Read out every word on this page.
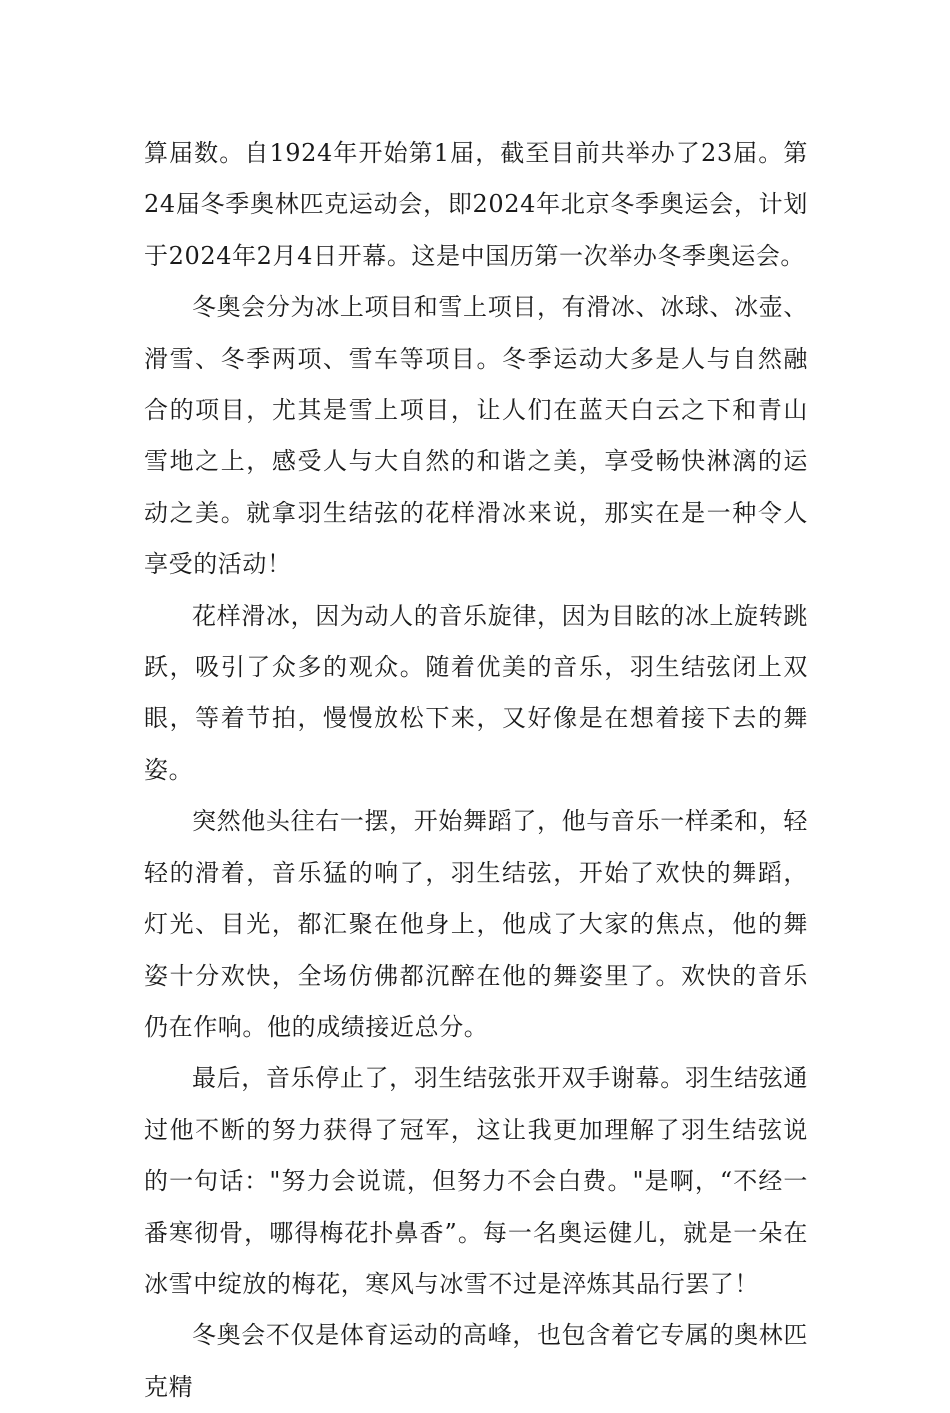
算届数。自1924年开始第1届，截至目前共举办了23届。第24届冬季奥林匹克运动会，即2024年北京冬季奥运会，计划于2024年2月4日开幕。这是中国历第一次举办冬季奥运会。

冬奥会分为冰上项目和雪上项目，有滑冰、冰球、冰壶、滑雪、冬季两项、雪车等项目。冬季运动大多是人与自然融合的项目，尤其是雪上项目，让人们在蓝天白云之下和青山雪地之上，感受人与大自然的和谐之美，享受畅快淋漓的运动之美。就拿羽生结弦的花样滑冰来说，那实在是一种令人享受的活动！

花样滑冰，因为动人的音乐旋律，因为目眩的冰上旋转跳跃，吸引了众多的观众。随着优美的音乐，羽生结弦闭上双眼，等着节拍，慢慢放松下来，又好像是在想着接下去的舞姿。

突然他头往右一摆，开始舞蹈了，他与音乐一样柔和，轻轻的滑着，音乐猛的响了，羽生结弦，开始了欢快的舞蹈，灯光、目光，都汇聚在他身上，他成了大家的焦点，他的舞姿十分欢快，全场仿佛都沉醉在他的舞姿里了。欢快的音乐仍在作响。他的成绩接近总分。

最后，音乐停止了，羽生结弦张开双手谢幕。羽生结弦通过他不断的努力获得了冠军，这让我更加理解了羽生结弦说的一句话："努力会说谎，但努力不会白费。"是啊，“不经一番寒彻骨，哪得梅花扑鼻香”。每一名奥运健儿，就是一朵在冰雪中绽放的梅花，寒风与冰雪不过是淬炼其品行罢了！

冬奥会不仅是体育运动的高峰，也包含着它专属的奥林匹克精
